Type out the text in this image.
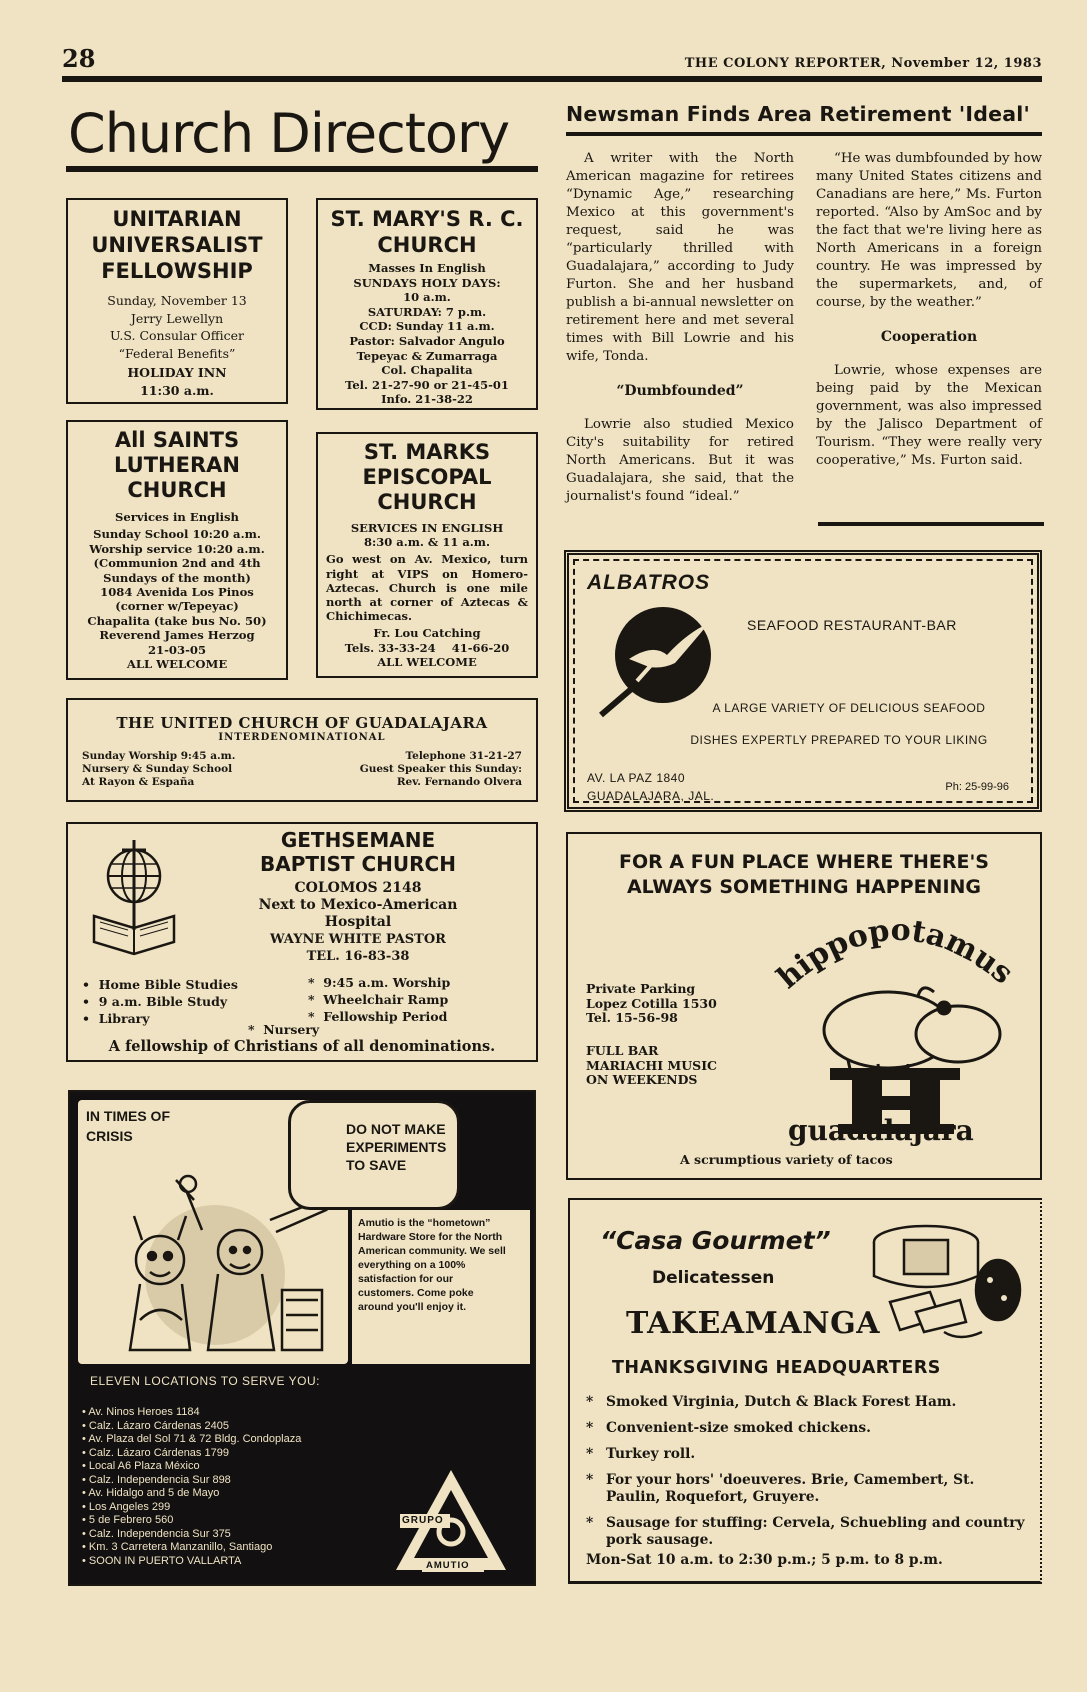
28	THE COLONY REPORTER, November 12, 1983
Church Directory
UNITARIAN
UNIVERSALIST
FELLOWSHIP
Sunday, November 13
Jerry Lewellyn
U.S. Consular Officer
“Federal Benefits”
HOLIDAY INN
11:30 a.m.
ST. MARY'S R. C.
CHURCH
Masses In English
SUNDAYS HOLY DAYS:
10 a.m.
SATURDAY: 7 p.m.
CCD: Sunday 11 a.m.
Pastor: Salvador Angulo
Tepeyac & Zumarraga
Col. Chapalita
Tel. 21-27-90 or 21-45-01
Info. 21-38-22
All SAINTS
LUTHERAN
CHURCH
Services in English
Sunday School 10:20 a.m.
Worship service 10:20 a.m.
(Communion 2nd and 4th
Sundays of the month)
1084 Avenida Los Pinos
(corner w/Tepeyac)
Chapalita (take bus No. 50)
Reverend James Herzog
21-03-05
ALL WELCOME
ST. MARKS
EPISCOPAL
CHURCH
SERVICES IN ENGLISH
8:30 a.m. & 11 a.m.
Go west on Av. Mexico, turn right at VIPS on Homero-Aztecas. Church is one mile north at corner of Aztecas & Chichimecas.
Fr. Lou Catching
Tels. 33-33-24    41-66-20
ALL WELCOME
THE UNITED CHURCH OF GUADALAJARA
INTERDENOMINATIONAL
Sunday Worship 9:45 a.m.
Nursery & Sunday School
At Rayon & España
Telephone 31-21-27
Guest Speaker this Sunday:
Rev. Fernando Olvera
GETHSEMANE
BAPTIST CHURCH
COLOMOS 2148
Next to Mexico-American
Hospital
WAYNE WHITE PASTOR
TEL. 16-83-38
•  Home Bible Studies
•  9 a.m. Bible Study
•  Library
*  9:45 a.m. Worship
*  Wheelchair Ramp
*  Fellowship Period
*  Nursery
A fellowship of Christians of all denominations.
IN TIMES OF CRISIS	DO NOT MAKE EXPERIMENTS TO SAVE
Amutio is the “hometown” Hardware Store for the North American community. We sell everything on a 100% satisfaction for our customers. Come poke around you'll enjoy it.
ELEVEN LOCATIONS TO SERVE YOU:
• Av. Ninos Heroes 1184
• Calz. Lázaro Cárdenas 2405
• Av. Plaza del Sol 71 & 72 Bldg. Condoplaza
• Calz. Lázaro Cárdenas 1799
• Local A6 Plaza México
• Calz. Independencia Sur 898
• Av. Hidalgo and 5 de Mayo
• Los Angeles 299
• 5 de Febrero 560
• Calz. Independencia Sur 375
• Km. 3 Carretera Manzanillo, Santiago
• SOON IN PUERTO VALLARTA
GRUPO
AMUTIO
Newsman Finds Area Retirement 'Ideal'

A writer with the North American magazine for retirees “Dynamic Age,” researching Mexico at this government's request, said he was “particularly thrilled with Guadalajara,” according to Judy Furton. She and her husband publish a bi-annual newsletter on retirement here and met several times with Bill Lowrie and his wife, Tonda.

“Dumbfounded”

Lowrie also studied Mexico City's suitability for retired North Americans. But it was Guadalajara, she said, that the journalist's found “ideal.”

“He was dumbfounded by how many United States citizens and Canadians are here,” Ms. Furton reported. “Also by AmSoc and by the fact that we're living here as North Americans in a foreign country. He was impressed by the supermarkets, and, of course, by the weather.”

Cooperation

Lowrie, whose expenses are being paid by the Mexican government, was also impressed by the Jalisco Department of Tourism. “They were really very cooperative,” Ms. Furton said.

ALBATROS
SEAFOOD RESTAURANT-BAR
A LARGE VARIETY OF DELICIOUS SEAFOOD
DISHES EXPERTLY PREPARED TO YOUR LIKING
AV. LA PAZ 1840
GUADALAJARA, JAL.
Ph: 25-99-96
FOR A FUN PLACE WHERE THERE'S
ALWAYS SOMETHING HAPPENING
hippopotamus
Private Parking
Lopez Cotilla 1530
Tel. 15-56-98
FULL BAR
MARIACHI MUSIC
ON WEEKENDS
guadalajara
A scrumptious variety of tacos
“Casa Gourmet”
Delicatessen
TAKEAMANGA
THANKSGIVING HEADQUARTERS
* Smoked Virginia, Dutch & Black Forest Ham.
* Convenient-size smoked chickens.
* Turkey roll.
* For your hors' 'doeuveres. Brie, Camembert, St. Paulin, Roquefort, Gruyere.
* Sausage for stuffing: Cervela, Schuebling and country pork sausage.
Mon-Sat 10 a.m. to 2:30 p.m.; 5 p.m. to 8 p.m.
